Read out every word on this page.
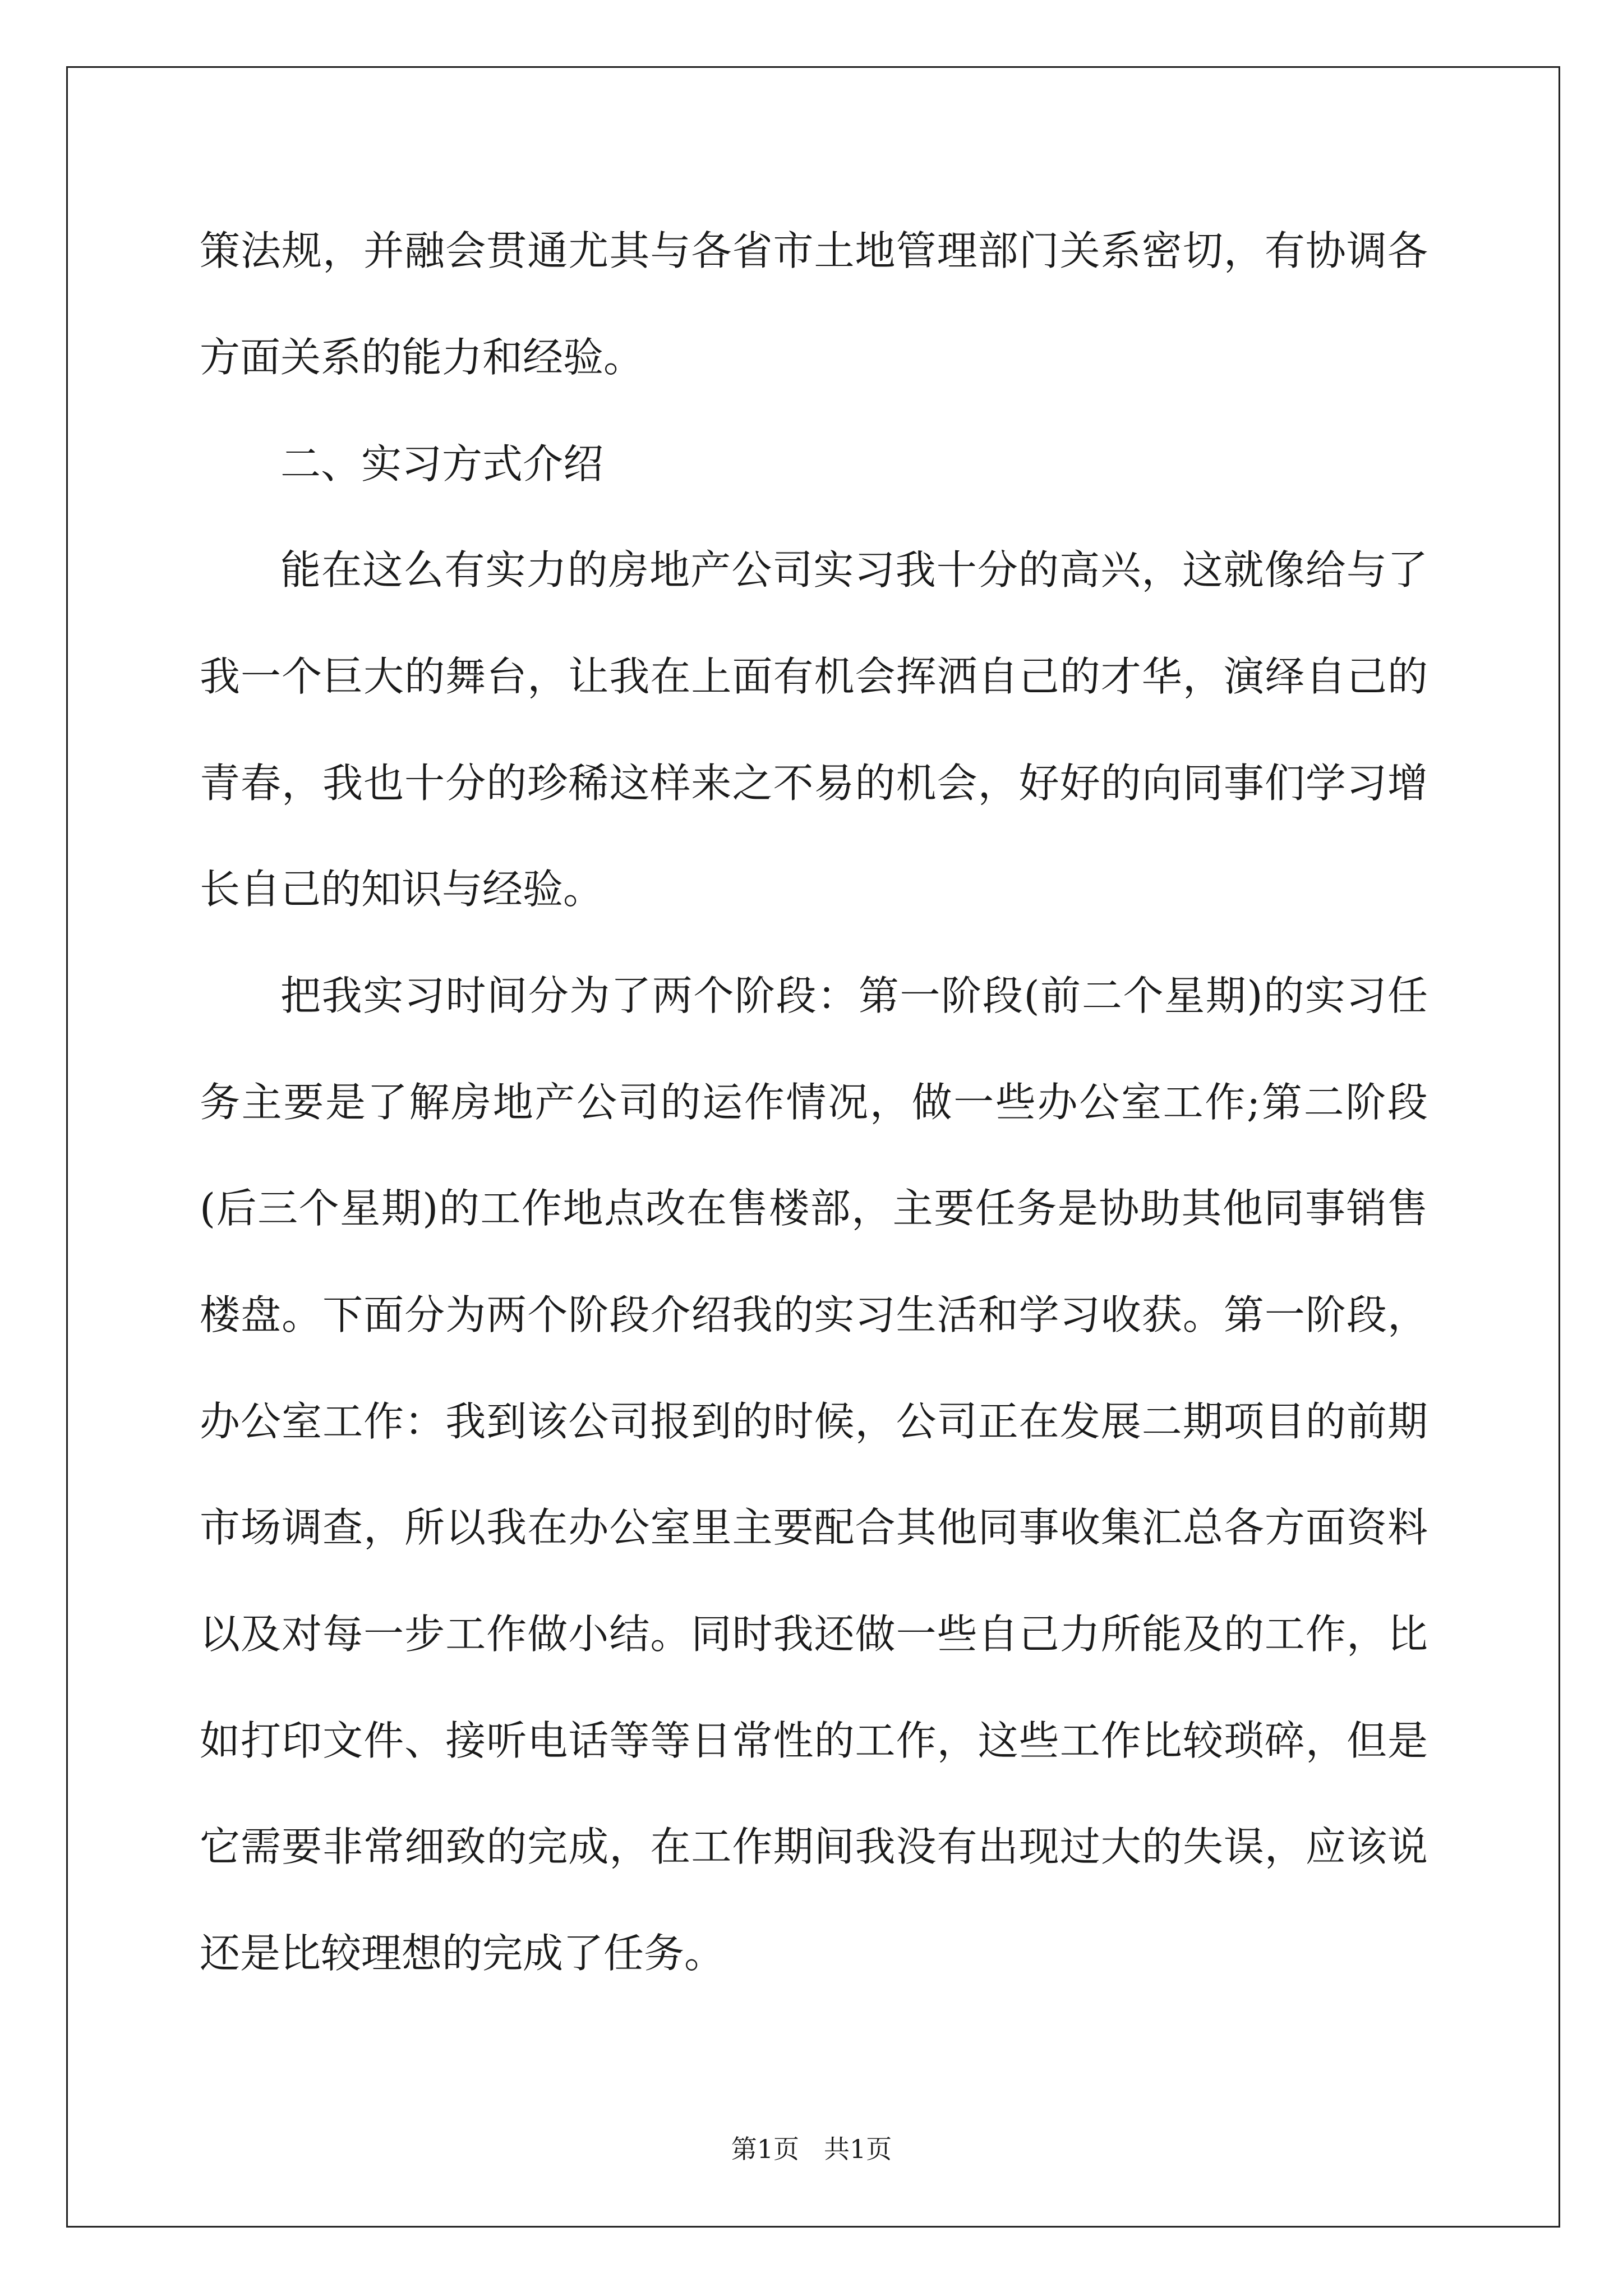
策法规，并融会贯通尤其与各省市土地管理部门关系密切，有协调各
方面关系的能力和经验。
二、实习方式介绍
能在这么有实力的房地产公司实习我十分的高兴，这就像给与了
我一个巨大的舞台，让我在上面有机会挥洒自己的才华，演绎自己的
青春，我也十分的珍稀这样来之不易的机会，好好的向同事们学习增
长自己的知识与经验。
把我实习时间分为了两个阶段：第一阶段(前二个星期)的实习任
务主要是了解房地产公司的运作情况，做一些办公室工作;第二阶段
(后三个星期)的工作地点改在售楼部，主要任务是协助其他同事销售
楼盘。下面分为两个阶段介绍我的实习生活和学习收获。第一阶段，
办公室工作：我到该公司报到的时候，公司正在发展二期项目的前期
市场调查，所以我在办公室里主要配合其他同事收集汇总各方面资料
以及对每一步工作做小结。同时我还做一些自己力所能及的工作，比
如打印文件、接听电话等等日常性的工作，这些工作比较琐碎，但是
它需要非常细致的完成，在工作期间我没有出现过大的失误，应该说
还是比较理想的完成了任务。
第1页 共1页
